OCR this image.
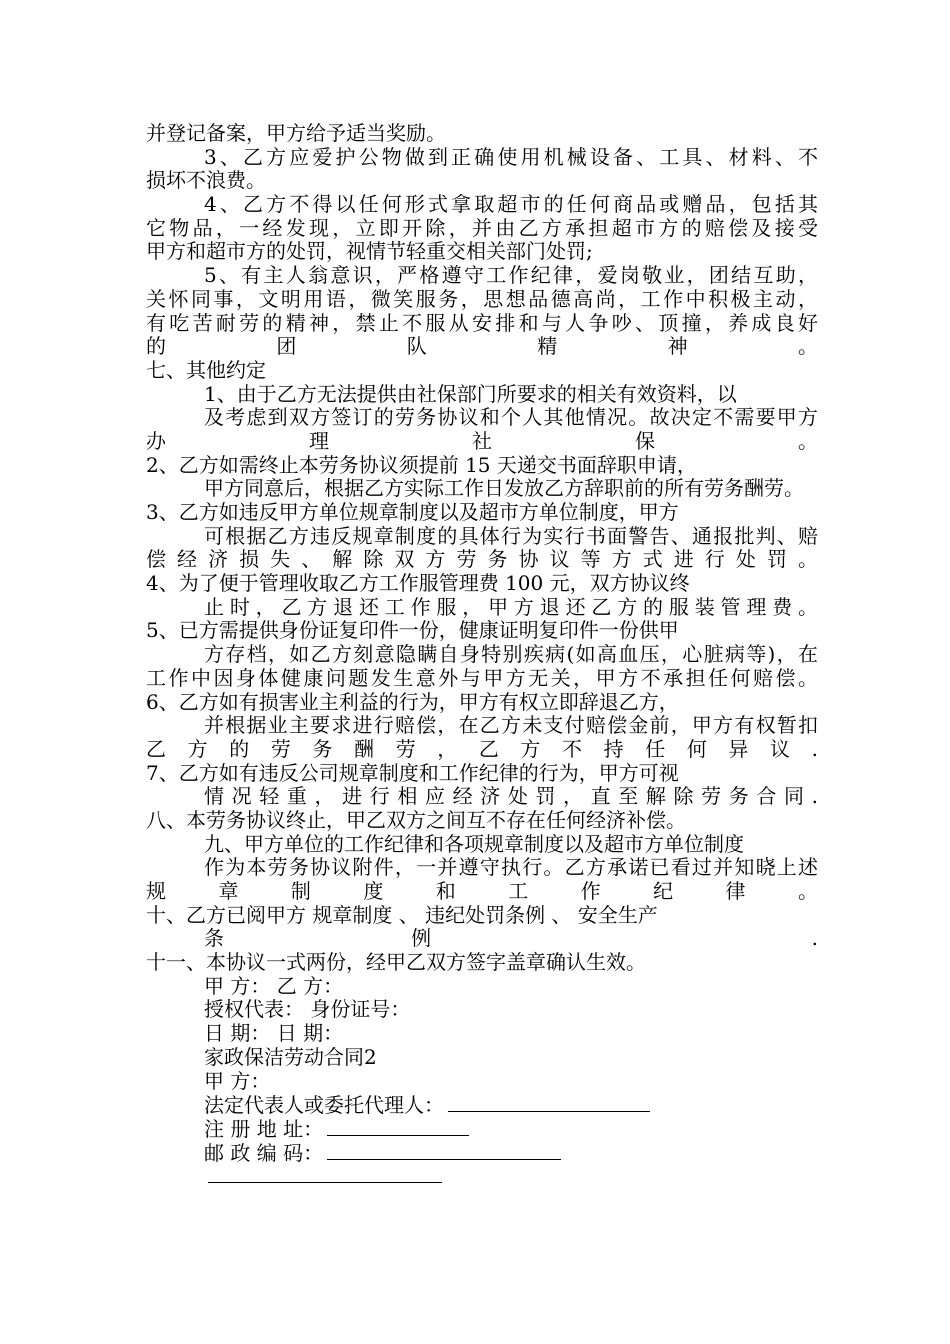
并登记备案，甲方给予适当奖励。
3、乙方应爱护公物做到正确使用机械设备、工具、材料、不
损坏不浪费。
4、乙方不得以任何形式拿取超市的任何商品或赠品，包括其
它物品，一经发现，立即开除，并由乙方承担超市方的赔偿及接受
甲方和超市方的处罚，视情节轻重交相关部门处罚;
5、有主人翁意识，严格遵守工作纪律，爱岗敬业，团结互助，
关怀同事，文明用语，微笑服务，思想品德高尚，工作中积极主动，
有吃苦耐劳的精神，禁止不服从安排和与人争吵、顶撞，养成良好
的团队精神。
七、其他约定
1、由于乙方无法提供由社保部门所要求的相关有效资料，以
及考虑到双方签订的劳务协议和个人其他情况。故决定不需要甲方
办理社保。
2、乙方如需终止本劳务协议须提前 15 天递交书面辞职申请，
甲方同意后，根据乙方实际工作日发放乙方辞职前的所有劳务酬劳。
3、乙方如违反甲方单位规章制度以及超市方单位制度，甲方
可根据乙方违反规章制度的具体行为实行书面警告、通报批判、赔
偿经济损失、解除双方劳务协议等方式进行处罚。
4、为了便于管理收取乙方工作服管理费 100 元，双方协议终
止时，乙方退还工作服，甲方退还乙方的服装管理费。
5、已方需提供身份证复印件一份，健康证明复印件一份供甲
方存档，如乙方刻意隐瞒自身特别疾病(如高血压，心脏病等)，在
工作中因身体健康问题发生意外与甲方无关，甲方不承担任何赔偿。
6、乙方如有损害业主利益的行为，甲方有权立即辞退乙方，
并根据业主要求进行赔偿，在乙方未支付赔偿金前，甲方有权暂扣
乙方的劳务酬劳，乙方不持任何异议.
7、乙方如有违反公司规章制度和工作纪律的行为，甲方可视
情况轻重，进行相应经济处罚，直至解除劳务合同.
八、本劳务协议终止，甲乙双方之间互不存在任何经济补偿。
九、甲方单位的工作纪律和各项规章制度以及超市方单位制度
作为本劳务协议附件，一并遵守执行。乙方承诺已看过并知晓上述
规章制度和工作纪律。
十、乙方已阅甲方 规章制度 、 违纪处罚条例 、 安全生产
条例 .
十一、本协议一式两份，经甲乙双方签字盖章确认生效。
甲 方： 乙 方：
授权代表： 身份证号：
日 期： 日 期：
家政保洁劳动合同2
甲 方：
法定代表人或委托代理人：
注 册 地 址：
邮 政 编 码：
